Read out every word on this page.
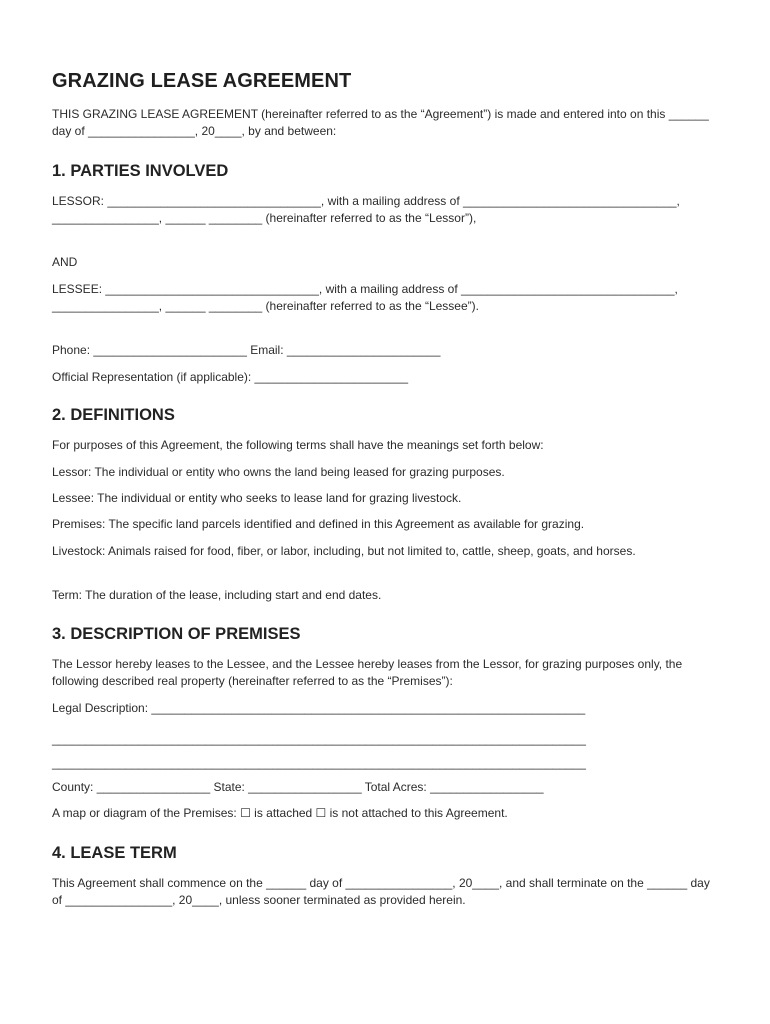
GRAZING LEASE AGREEMENT

THIS GRAZING LEASE AGREEMENT (hereinafter referred to as the “Agreement”) is made and entered into on this ______ day of ________________, 20____, by and between:

1. PARTIES INVOLVED

LESSOR: ________________________________, with a mailing address of ________________________________, ________________, ______ ________ (hereinafter referred to as the “Lessor”),

AND

LESSEE: ________________________________, with a mailing address of ________________________________, ________________, ______ ________ (hereinafter referred to as the “Lessee”).

Phone: _______________________ Email: _______________________

Official Representation (if applicable): _______________________

2. DEFINITIONS

For purposes of this Agreement, the following terms shall have the meanings set forth below:

Lessor: The individual or entity who owns the land being leased for grazing purposes.

Lessee: The individual or entity who seeks to lease land for grazing livestock.

Premises: The specific land parcels identified and defined in this Agreement as available for grazing.

Livestock: Animals raised for food, fiber, or labor, including, but not limited to, cattle, sheep, goats, and horses.

Term: The duration of the lease, including start and end dates.

3. DESCRIPTION OF PREMISES

The Lessor hereby leases to the Lessee, and the Lessee hereby leases from the Lessor, for grazing purposes only, the following described real property (hereinafter referred to as the “Premises”):

Legal Description: _________________________________________________________________

________________________________________________________________________________

________________________________________________________________________________

County: _________________ State: _________________ Total Acres: _________________

A map or diagram of the Premises: ☐ is attached ☐ is not attached to this Agreement.

4. LEASE TERM

This Agreement shall commence on the ______ day of ________________, 20____, and shall terminate on the ______ day of ________________, 20____, unless sooner terminated as provided herein.
